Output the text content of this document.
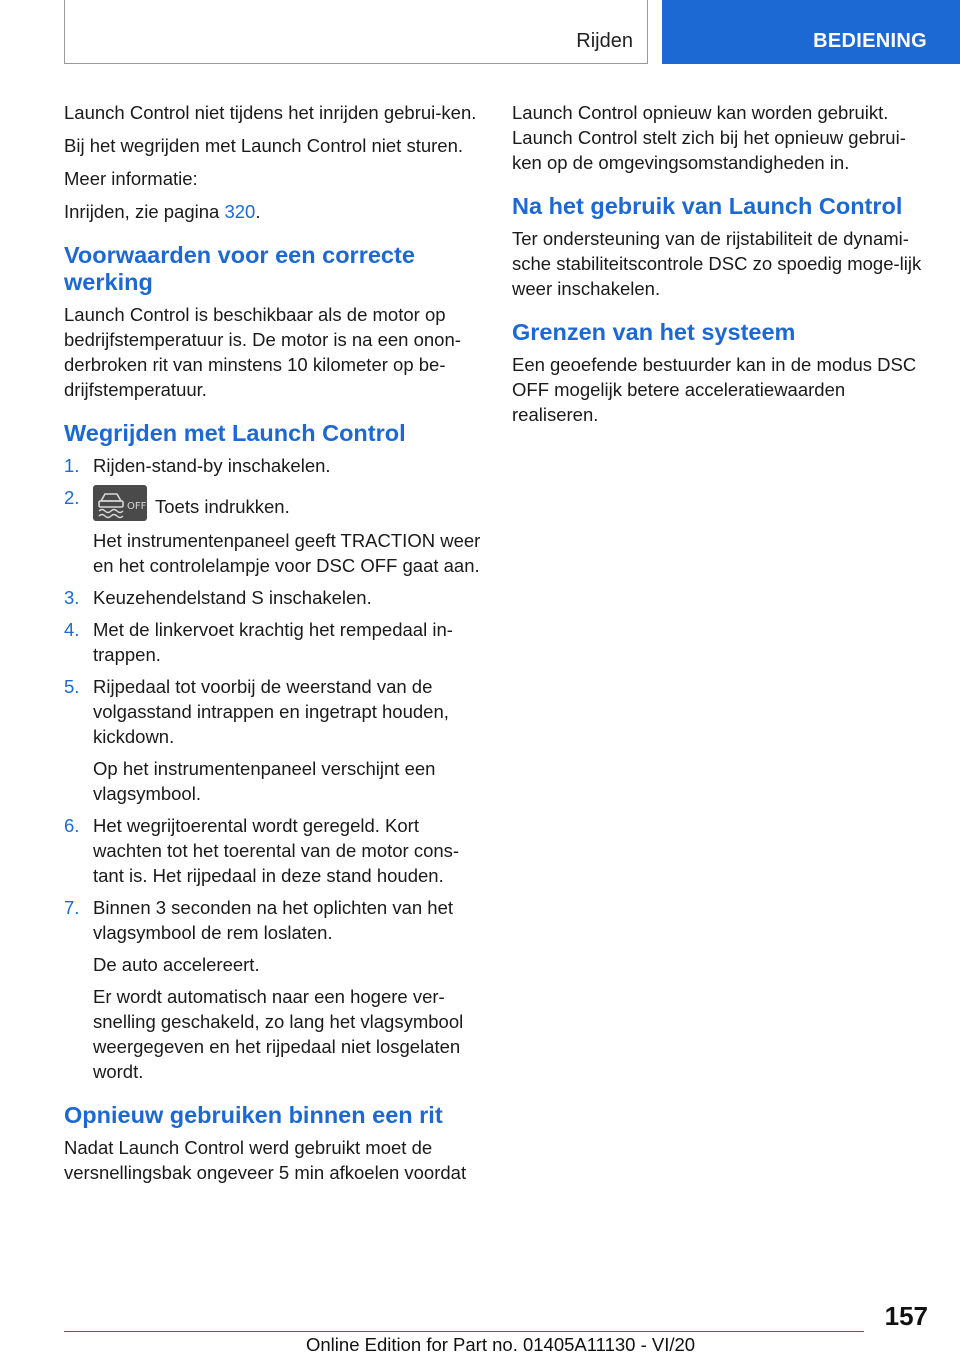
Rijden	BEDIENING

Launch Control niet tijdens het inrijden gebrui‐ken.

Bij het wegrijden met Launch Control niet sturen.

Meer informatie:

Inrijden, zie pagina 320.

Voorwaarden voor een correcte werking

Launch Control is beschikbaar als de motor op bedrijfstemperatuur is. De motor is na een onon‐derbroken rit van minstens 10 kilometer op be‐drijfstemperatuur.

Wegrijden met Launch Control
1. Rijden-stand-by inschakelen.
2.	OFF Toets indrukken.

Het instrumentenpaneel geeft TRACTION weer en het controlelampje voor DSC OFF gaat aan.

3. Keuzehendelstand S inschakelen.
4. Met de linkervoet krachtig het rempedaal in‐trappen.
5. Rijpedaal tot voorbij de weerstand van de volgasstand intrappen en ingetrapt houden, kickdown.

Op het instrumentenpaneel verschijnt een vlagsymbool.

6. Het wegrijtoerental wordt geregeld. Kort wachten tot het toerental van de motor cons‐tant is. Het rijpedaal in deze stand houden.
7. Binnen 3 seconden na het oplichten van het vlagsymbool de rem loslaten.

De auto accelereert.

Er wordt automatisch naar een hogere ver‐snelling geschakeld, zo lang het vlagsymbool weergegeven en het rijpedaal niet losgelaten wordt.

Opnieuw gebruiken binnen een rit

Nadat Launch Control werd gebruikt moet de versnellingsbak ongeveer 5 min afkoelen voordat

Launch Control opnieuw kan worden gebruikt. Launch Control stelt zich bij het opnieuw gebrui‐ken op de omgevingsomstandigheden in.

Na het gebruik van Launch Control

Ter ondersteuning van de rijstabiliteit de dynami‐sche stabiliteitscontrole DSC zo spoedig moge‐lijk weer inschakelen.

Grenzen van het systeem

Een geoefende bestuurder kan in de modus DSC OFF mogelijk betere acceleratiewaarden realiseren.

157
Online Edition for Part no. 01405A11130 - VI/20
